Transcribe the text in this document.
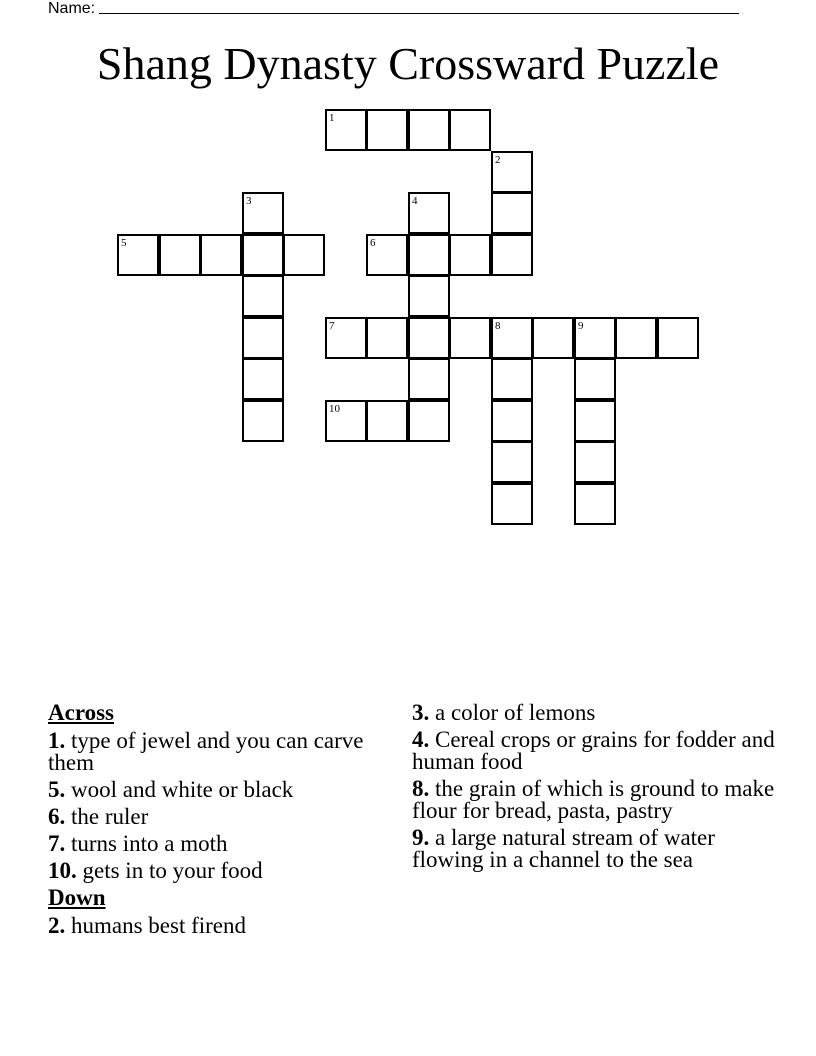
Name:
Shang Dynasty Crossward Puzzle
1
2
3	4
5	6
7	8	9
10
Across
1. type of jewel and you can carve them
5. wool and white or black
6. the ruler
7. turns into a moth
10. gets in to your food
Down
2. humans best firend
3. a color of lemons
4. Cereal crops or grains for fodder and human food
8. the grain of which is ground to make flour for bread, pasta, pastry
9. a large natural stream of water flowing in a channel to the sea
